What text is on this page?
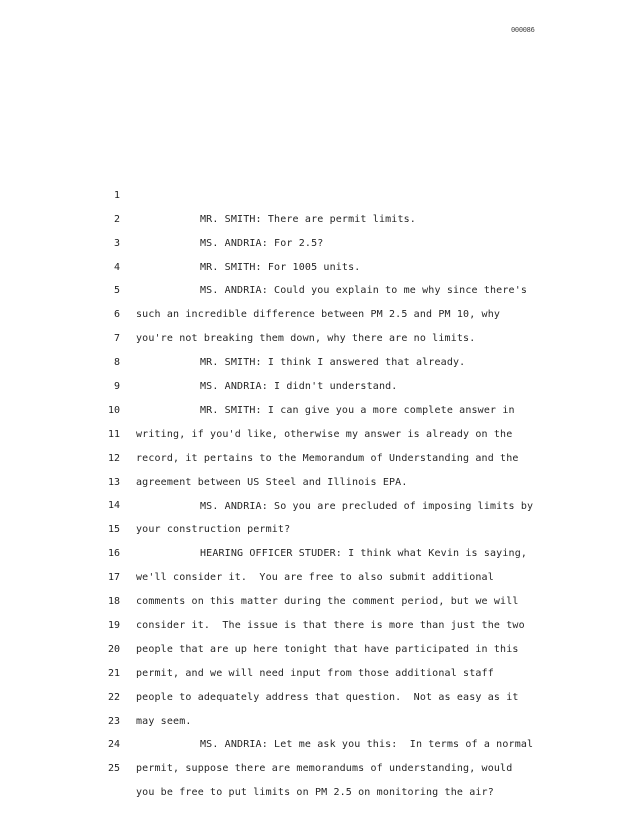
000086

1

MR. SMITH: There are permit limits.

2

MS. ANDRIA: For 2.5?

3

MR. SMITH: For 1005 units.

4

MS. ANDRIA: Could you explain to me why since there's

5

such an incredible difference between PM 2.5 and PM 10, why

6

you're not breaking them down, why there are no limits.

7

MR. SMITH: I think I answered that already.

8

MS. ANDRIA: I didn't understand.

9

MR. SMITH: I can give you a more complete answer in

10

writing, if you'd like, otherwise my answer is already on the

11

record, it pertains to the Memorandum of Understanding and the

12

agreement between US Steel and Illinois EPA.

13

MS. ANDRIA: So you are precluded of imposing limits by

14

your construction permit?

15

HEARING OFFICER STUDER: I think what Kevin is saying,

16

we'll consider it.  You are free to also submit additional

17

comments on this matter during the comment period, but we will

18

consider it.  The issue is that there is more than just the two

19

people that are up here tonight that have participated in this

20

permit, and we will need input from those additional staff

21

people to adequately address that question.  Not as easy as it

22

may seem.

23

MS. ANDRIA: Let me ask you this:  In terms of a normal

24

permit, suppose there are memorandums of understanding, would

25

you be free to put limits on PM 2.5 on monitoring the air?
